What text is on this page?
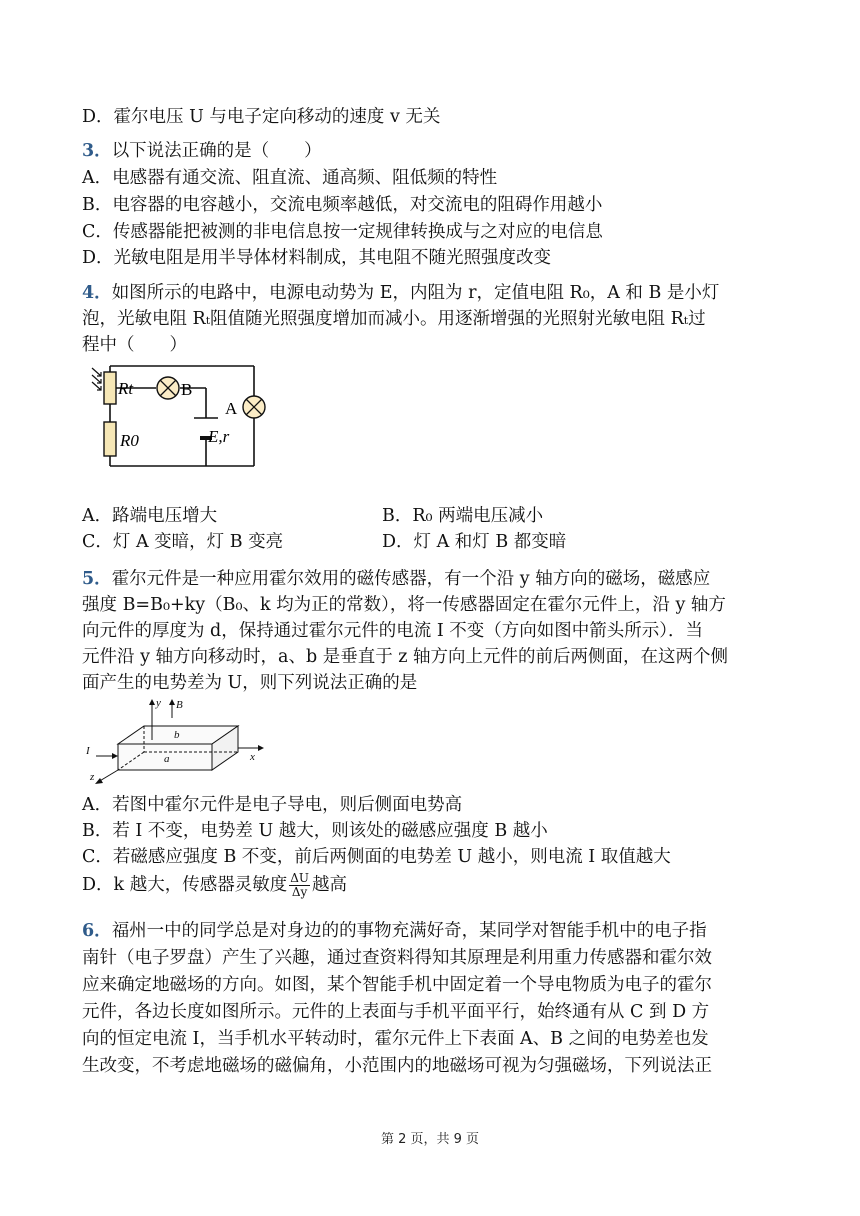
D．霍尔电压 U 与电子定向移动的速度 v 无关
3．以下说法正确的是（　　）
A．电感器有通交流、阻直流、通高频、阻低频的特性
B．电容器的电容越小，交流电频率越低，对交流电的阻碍作用越小
C．传感器能把被测的非电信息按一定规律转换成与之对应的电信息
D．光敏电阻是用半导体材料制成，其电阻不随光照强度改变
4．如图所示的电路中，电源电动势为 E，内阻为 r，定值电阻 R₀，A 和 B 是小灯
泡，光敏电阻 Rₜ阻值随光照强度增加而减小。用逐渐增强的光照射光敏电阻 Rₜ过
程中（　　）
Rt
R0
B
A
E,r
A．路端电压增大	B．R₀ 两端电压减小
C．灯 A 变暗，灯 B 变亮	D．灯 A 和灯 B 都变暗
5．霍尔元件是一种应用霍尔效用的磁传感器，有一个沿 y 轴方向的磁场，磁感应
强度 B=B₀+ky（B₀、k 均为正的常数），将一传感器固定在霍尔元件上，沿 y 轴方
向元件的厚度为 d，保持通过霍尔元件的电流 I 不变（方向如图中箭头所示）．当
元件沿 y 轴方向移动时，a、b 是垂直于 z 轴方向上元件的前后两侧面，在这两个侧
面产生的电势差为 U，则下列说法正确的是
y B
I
b
a	x
z
A．若图中霍尔元件是电子导电，则后侧面电势高
B．若 I 不变，电势差 U 越大，则该处的磁感应强度 B 越小
C．若磁感应强度 B 不变，前后两侧面的电势差 U 越小，则电流 I 取值越大
D．k 越大，传感器灵敏度 $\frac{\Delta U}{\Delta y}$ 越高
6．福州一中的同学总是对身边的的事物充满好奇，某同学对智能手机中的电子指
南针（电子罗盘）产生了兴趣，通过查资料得知其原理是利用重力传感器和霍尔效
应来确定地磁场的方向。如图，某个智能手机中固定着一个导电物质为电子的霍尔
元件，各边长度如图所示。元件的上表面与手机平面平行，始终通有从 C 到 D 方
向的恒定电流 I，当手机水平转动时，霍尔元件上下表面 A、B 之间的电势差也发
生改变，不考虑地磁场的磁偏角，小范围内的地磁场可视为匀强磁场，下列说法正
第 2 页，共 9 页
